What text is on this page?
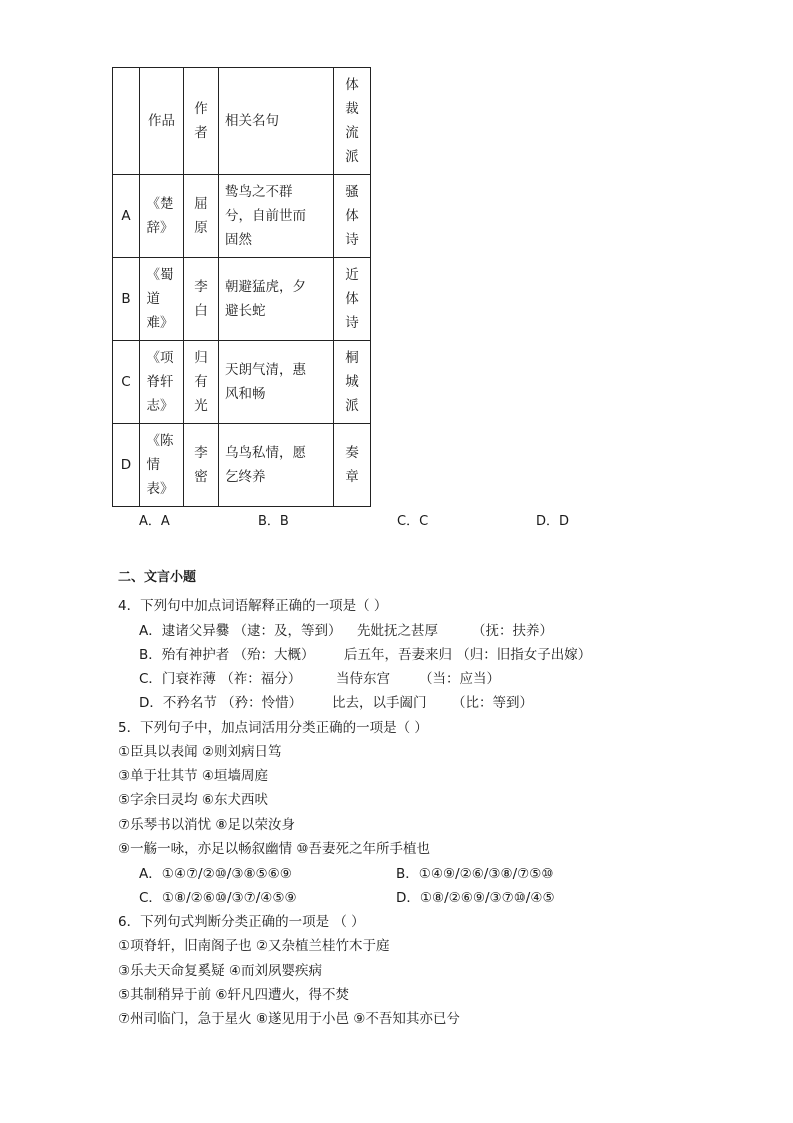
	作品	作者	相关名句	体裁流派
A	《楚辞》	屈原	鸷鸟之不群兮，自前世而固然	骚体诗
B	《蜀道难》	李白	朝避猛虎，夕避长蛇	近体诗
C	《项脊轩志》	归有光	天朗气清，惠风和畅	桐城派
D	《陈情表》	李密	乌鸟私情，愿乞终养	奏章
A．A	B．B	C．C	D．D
二、文言小题
4．下列句中加点词语解释正确的一项是（ ）
A．逮诸父异爨 （逮：及，等到） 先妣抚之甚厚	（抚：扶养）
B．殆有神护者 （殆：大概） 后五年，吾妻来归 （归：旧指女子出嫁）
C．门衰祚薄 （祚：福分）	当侍东宫 （当：应当）
D．不矜名节 （矜：怜惜） 比去，以手阖门 （比：等到）
5．下列句子中，加点词活用分类正确的一项是（ ）
①臣具以表闻 ②则刘病日笃
③单于壮其节 ④垣墙周庭
⑤字余曰灵均 ⑥东犬西吠
⑦乐琴书以消忧 ⑧足以荣汝身
⑨一觞一咏，亦足以畅叙幽情 ⑩吾妻死之年所手植也
A．①④⑦/②⑩/③⑧⑤⑥⑨	B．①④⑨/②⑥/③⑧/⑦⑤⑩
C．①⑧/②⑥⑩/③⑦/④⑤⑨	D．①⑧/②⑥⑨/③⑦⑩/④⑤
6．下列句式判断分类正确的一项是 （ ）
①项脊轩，旧南阁子也 ②又杂植兰桂竹木于庭
③乐夫天命复奚疑 ④而刘夙婴疾病
⑤其制稍异于前 ⑥轩凡四遭火，得不焚
⑦州司临门，急于星火 ⑧遂见用于小邑 ⑨不吾知其亦已兮
